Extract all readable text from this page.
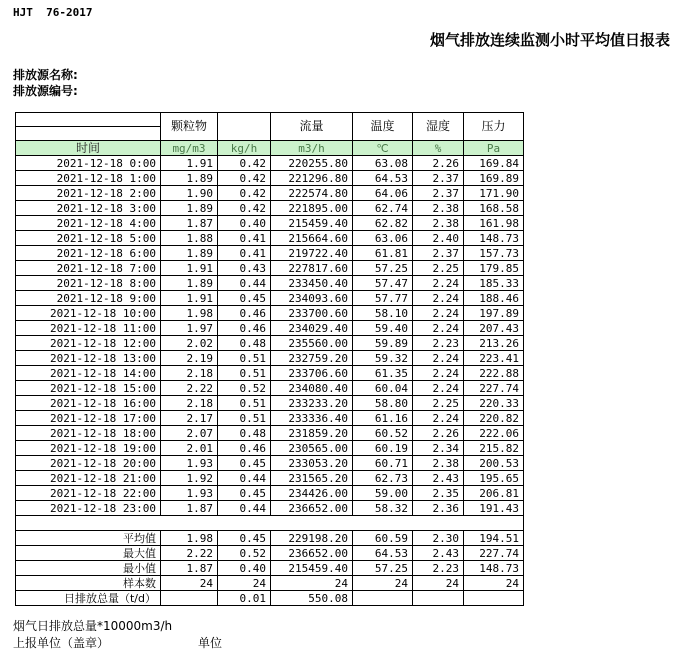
HJT  76-2017
烟气排放连续监测小时平均值日报表
排放源名称:
排放源编号:
	颗粒物		流量	温度	湿度	压力

时间	mg/m3	kg/h	m3/h	℃	%	Pa
2021-12-18 0:00	1.91	0.42	220255.80	63.08	2.26	169.84
2021-12-18 1:00	1.89	0.42	221296.80	64.53	2.37	169.89
2021-12-18 2:00	1.90	0.42	222574.80	64.06	2.37	171.90
2021-12-18 3:00	1.89	0.42	221895.00	62.74	2.38	168.58
2021-12-18 4:00	1.87	0.40	215459.40	62.82	2.38	161.98
2021-12-18 5:00	1.88	0.41	215664.60	63.06	2.40	148.73
2021-12-18 6:00	1.89	0.41	219722.40	61.81	2.37	157.73
2021-12-18 7:00	1.91	0.43	227817.60	57.25	2.25	179.85
2021-12-18 8:00	1.89	0.44	233450.40	57.47	2.24	185.33
2021-12-18 9:00	1.91	0.45	234093.60	57.77	2.24	188.46
2021-12-18 10:00	1.98	0.46	233700.60	58.10	2.24	197.89
2021-12-18 11:00	1.97	0.46	234029.40	59.40	2.24	207.43
2021-12-18 12:00	2.02	0.48	235560.00	59.89	2.23	213.26
2021-12-18 13:00	2.19	0.51	232759.20	59.32	2.24	223.41
2021-12-18 14:00	2.18	0.51	233706.60	61.35	2.24	222.88
2021-12-18 15:00	2.22	0.52	234080.40	60.04	2.24	227.74
2021-12-18 16:00	2.18	0.51	233233.20	58.80	2.25	220.33
2021-12-18 17:00	2.17	0.51	233336.40	61.16	2.24	220.82
2021-12-18 18:00	2.07	0.48	231859.20	60.52	2.26	222.06
2021-12-18 19:00	2.01	0.46	230565.00	60.19	2.34	215.82
2021-12-18 20:00	1.93	0.45	233053.20	60.71	2.38	200.53
2021-12-18 21:00	1.92	0.44	231565.20	62.73	2.43	195.65
2021-12-18 22:00	1.93	0.45	234426.00	59.00	2.35	206.81
2021-12-18 23:00	1.87	0.44	236652.00	58.32	2.36	191.43

平均值	1.98	0.45	229198.20	60.59	2.30	194.51
最大值	2.22	0.52	236652.00	64.53	2.43	227.74
最小值	1.87	0.40	215459.40	57.25	2.23	148.73
样本数	24	24	24	24	24	24
日排放总量（t/d）		0.01	550.08			
烟气日排放总量*10000m3/h
上报单位（盖章）	单位
